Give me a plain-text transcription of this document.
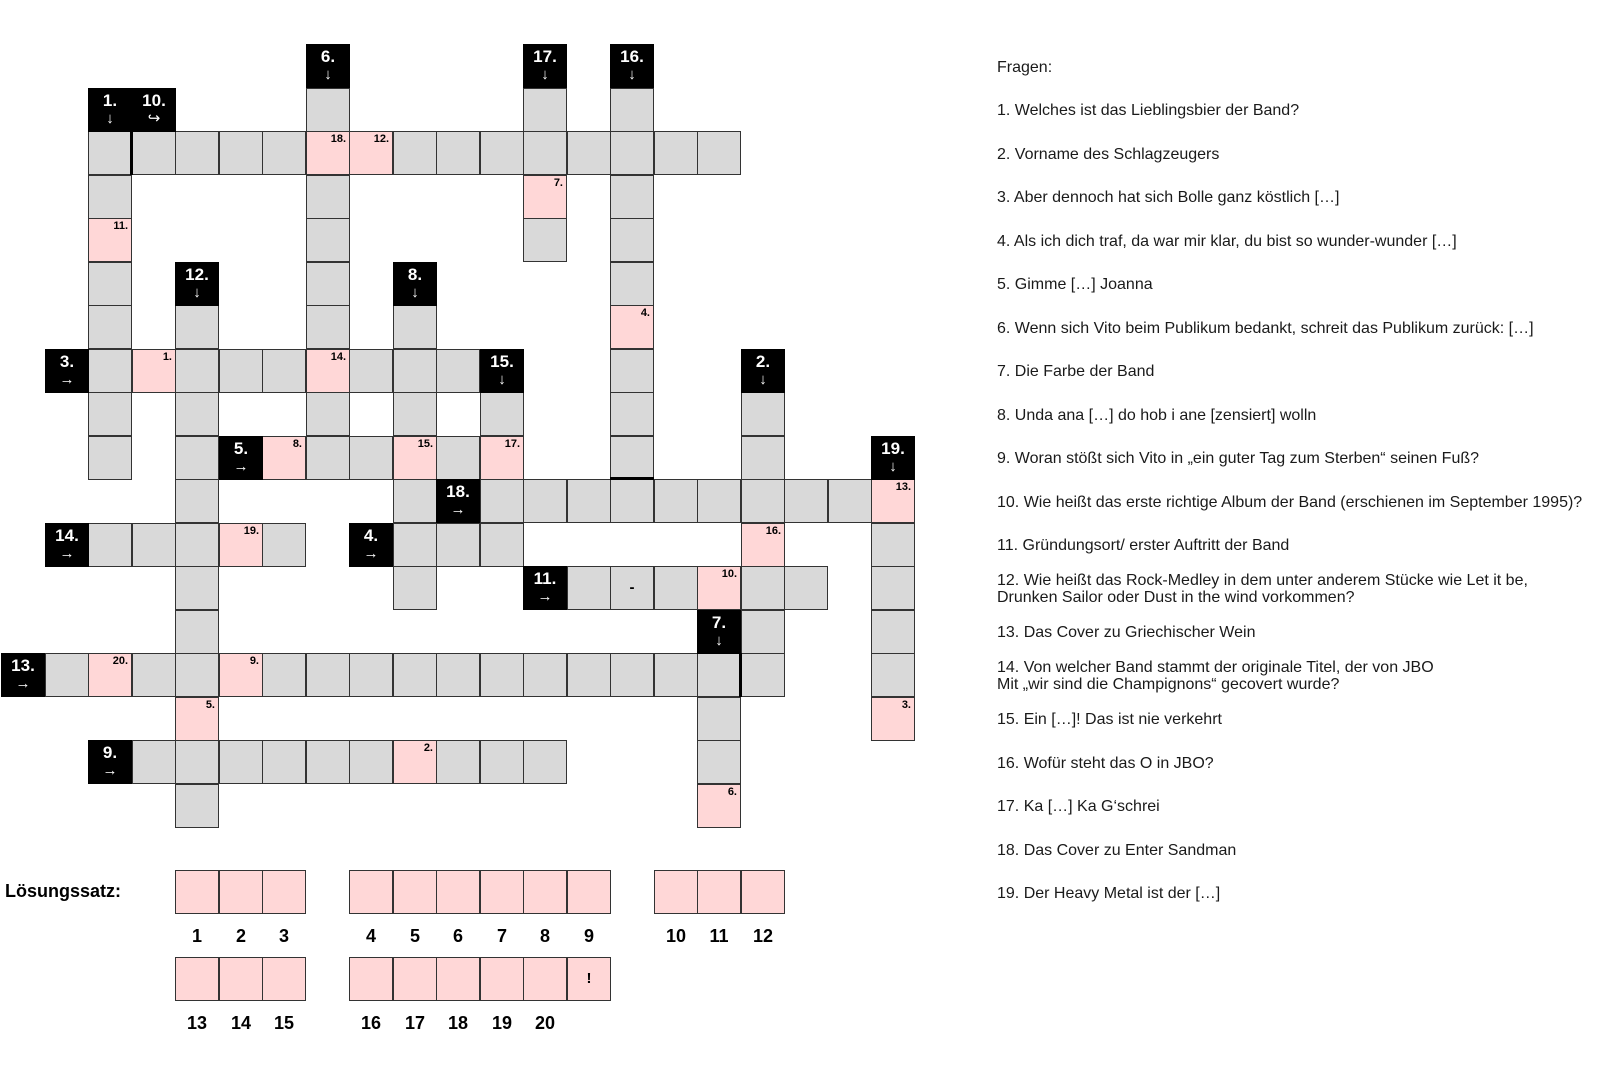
18.	12.
7.
11.
4.
1.	14.
8.	15.	17.
13.
19.	16.
-
10.
20.	9.
5.	3.
2.
6.
6.
↓
17.
↓
16.
↓
1.
↓
10.
↪
12.
↓
8.
↓
3.
→
15.
↓
2.
↓
5.
→
19.
↓
18.
→
14.
→
4.
→
11.
→
7.
↓
13.
→
9.
→
Lösungssatz:
1	2	3	4	5	6	7	8	9	10	11	12
!
13	14	15	16	17	18	19	20
Fragen:
1. Welches ist das Lieblingsbier der Band?
2. Vorname des Schlagzeugers
3. Aber dennoch hat sich Bolle ganz köstlich […]
4. Als ich dich traf, da war mir klar, du bist so wunder-wunder […]
5. Gimme […] Joanna
6. Wenn sich Vito beim Publikum bedankt, schreit das Publikum zurück: […]
7. Die Farbe der Band
8. Unda ana […] do hob i ane [zensiert] wolln
9. Woran stößt sich Vito in „ein guter Tag zum Sterben“ seinen Fuß?
10. Wie heißt das erste richtige Album der Band (erschienen im September 1995)?
11. Gründungsort/ erster Auftritt der Band
12. Wie heißt das Rock-Medley in dem unter anderem Stücke wie Let it be,
Drunken Sailor oder Dust in the wind vorkommen?
13. Das Cover zu Griechischer Wein
14. Von welcher Band stammt der originale Titel, der von JBO
Mit „wir sind die Champignons“ gecovert wurde?
15. Ein […]! Das ist nie verkehrt
16. Wofür steht das O in JBO?
17. Ka […] Ka G‘schrei
18. Das Cover zu Enter Sandman
19. Der Heavy Metal ist der […]
